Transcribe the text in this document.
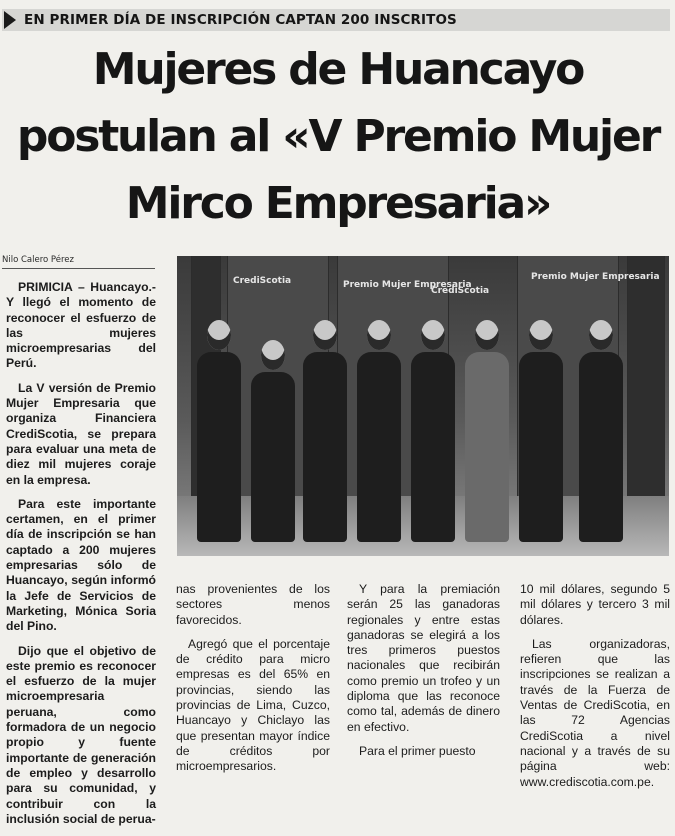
EN PRIMER DÍA DE INSCRIPCIÓN CAPTAN 200 INSCRITOS
Mujeres de Huancayo
postulan al «V Premio Mujer
Mirco Empresaria»
Nilo Calero Pérez

PRIMICIA – Huancayo.- Y llegó el momento de reconocer el esfuerzo de las mujeres microempresarias del Perú.

La V versión de Premio Mujer Empresaria que organiza Financiera CrediScotia, se prepara para evaluar una meta de diez mil mujeres coraje en la empresa.

Para este importante certamen, en el primer día de inscripción se han captado a 200 mujeres empresarias sólo de Huancayo, según informó la Jefe de Servicios de Marketing, Mónica Soria del Pino.

Dijo que el objetivo de este premio es reconocer el esfuerzo de la mujer microempresaria peruana, como formadora de un negocio propio y fuente importante de generación de empleo y desarrollo para su comunidad, y contribuir con la inclusión social de perua-

CrediScotia	Premio Mujer Empresaria
CrediScotia
Premio Mujer Empresaria

nas provenientes de los sectores menos favorecidos.

Agregó que el porcentaje de crédito para micro empresas es del 65% en provincias, siendo las provincias de Lima, Cuzco, Huancayo y Chiclayo las que presentan mayor índice de créditos por microempresarios.

Y para la premiación serán 25 las ganadoras regionales y entre estas ganadoras se elegirá a los tres primeros puestos nacionales que recibirán como premio un trofeo y un diploma que las reconoce como tal, además de dinero en efectivo.

Para el primer puesto

10 mil dólares, segundo 5 mil dólares y tercero 3 mil dólares.

Las organizadoras, refieren que las inscripciones se realizan a través de la Fuerza de Ventas de CrediScotia, en las 72 Agencias CrediScotia a nivel nacional y a través de su página web: www.crediscotia.com.pe.
